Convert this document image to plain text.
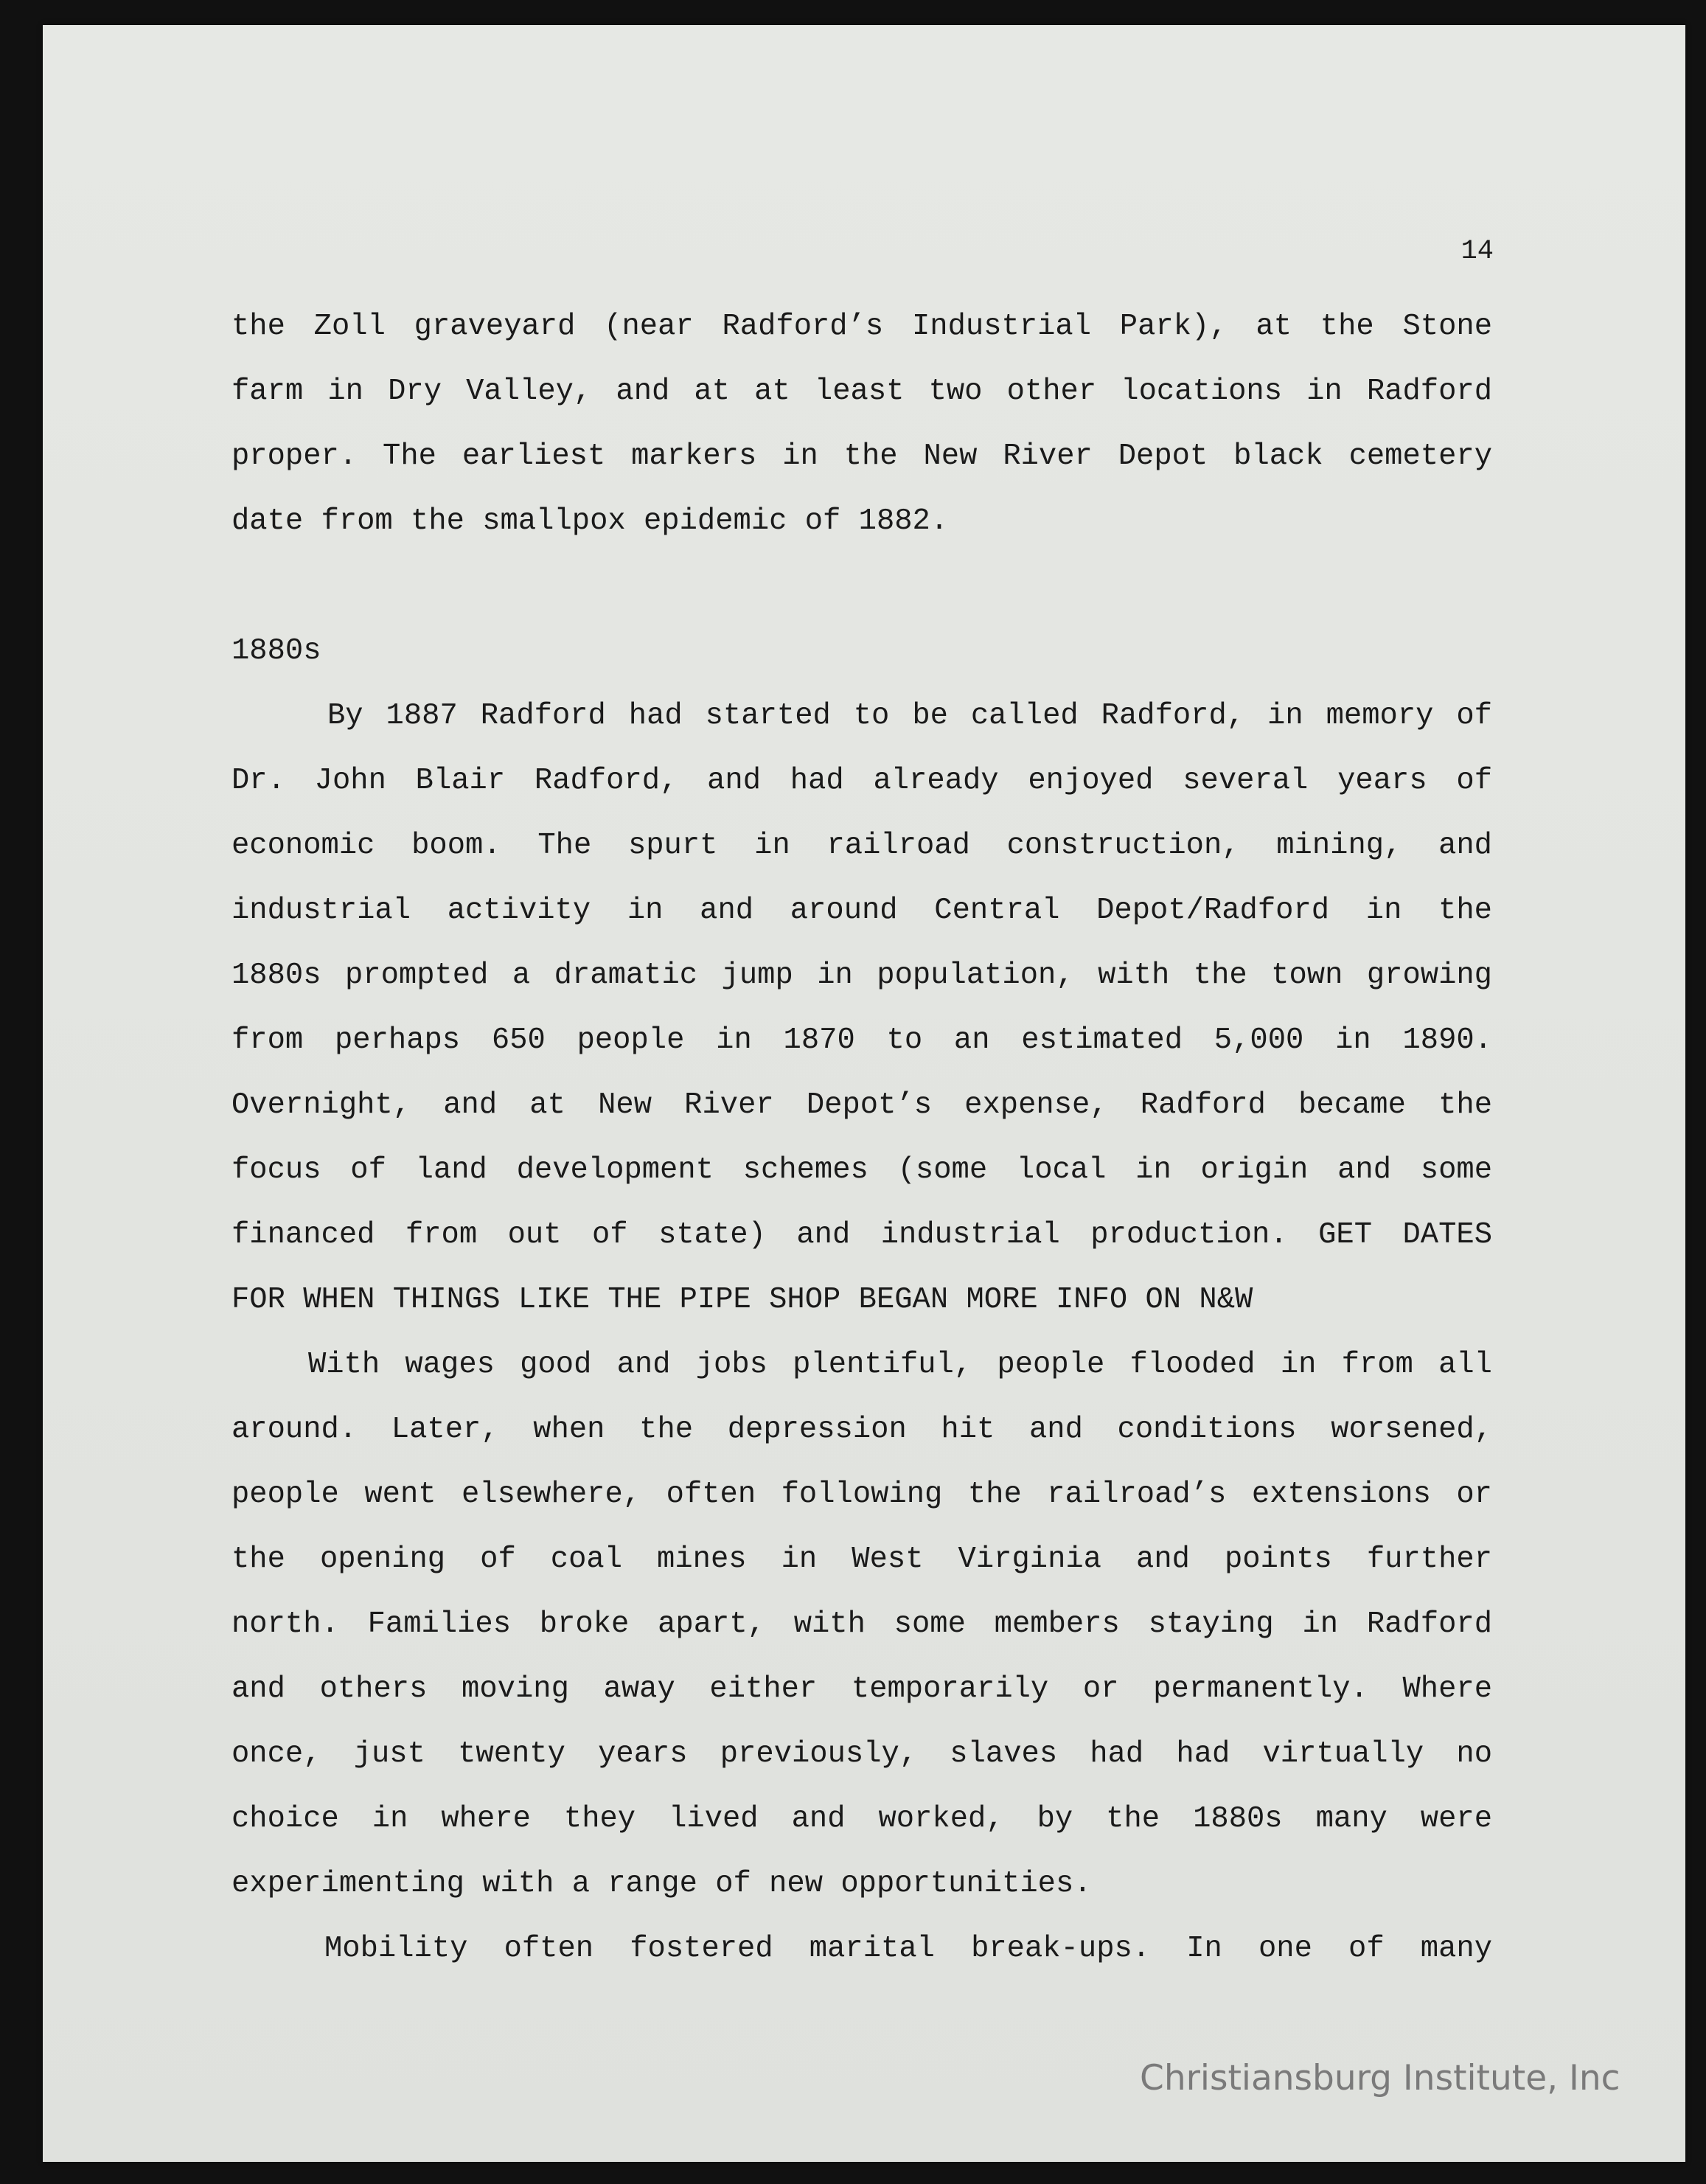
14
the Zoll graveyard (near Radford’s Industrial Park), at the Stone
farm in Dry Valley, and at at least two other locations in Radford
proper. The earliest markers in the New River Depot black cemetery
date from the smallpox epidemic of 1882.
1880s
By 1887 Radford had started to be called Radford, in memory of
Dr. John Blair Radford, and had already enjoyed several years of
economic boom. The spurt in railroad construction, mining, and
industrial activity in and around Central Depot/Radford in the
1880s prompted a dramatic jump in population, with the town growing
from perhaps 650 people in 1870 to an estimated 5,000 in 1890.
Overnight, and at New River Depot’s expense, Radford became the
focus of land development schemes (some local in origin and some
financed from out of state) and industrial production. GET DATES
FOR WHEN THINGS LIKE THE PIPE SHOP BEGAN MORE INFO ON N&W
With wages good and jobs plentiful, people flooded in from all
around. Later, when the depression hit and conditions worsened,
people went elsewhere, often following the railroad’s extensions or
the opening of coal mines in West Virginia and points further
north. Families broke apart, with some members staying in Radford
and others moving away either temporarily or permanently. Where
once, just twenty years previously, slaves had had virtually no
choice in where they lived and worked, by the 1880s many were
experimenting with a range of new opportunities.
Mobility often fostered marital break-ups. In one of many
Christiansburg Institute, Inc
